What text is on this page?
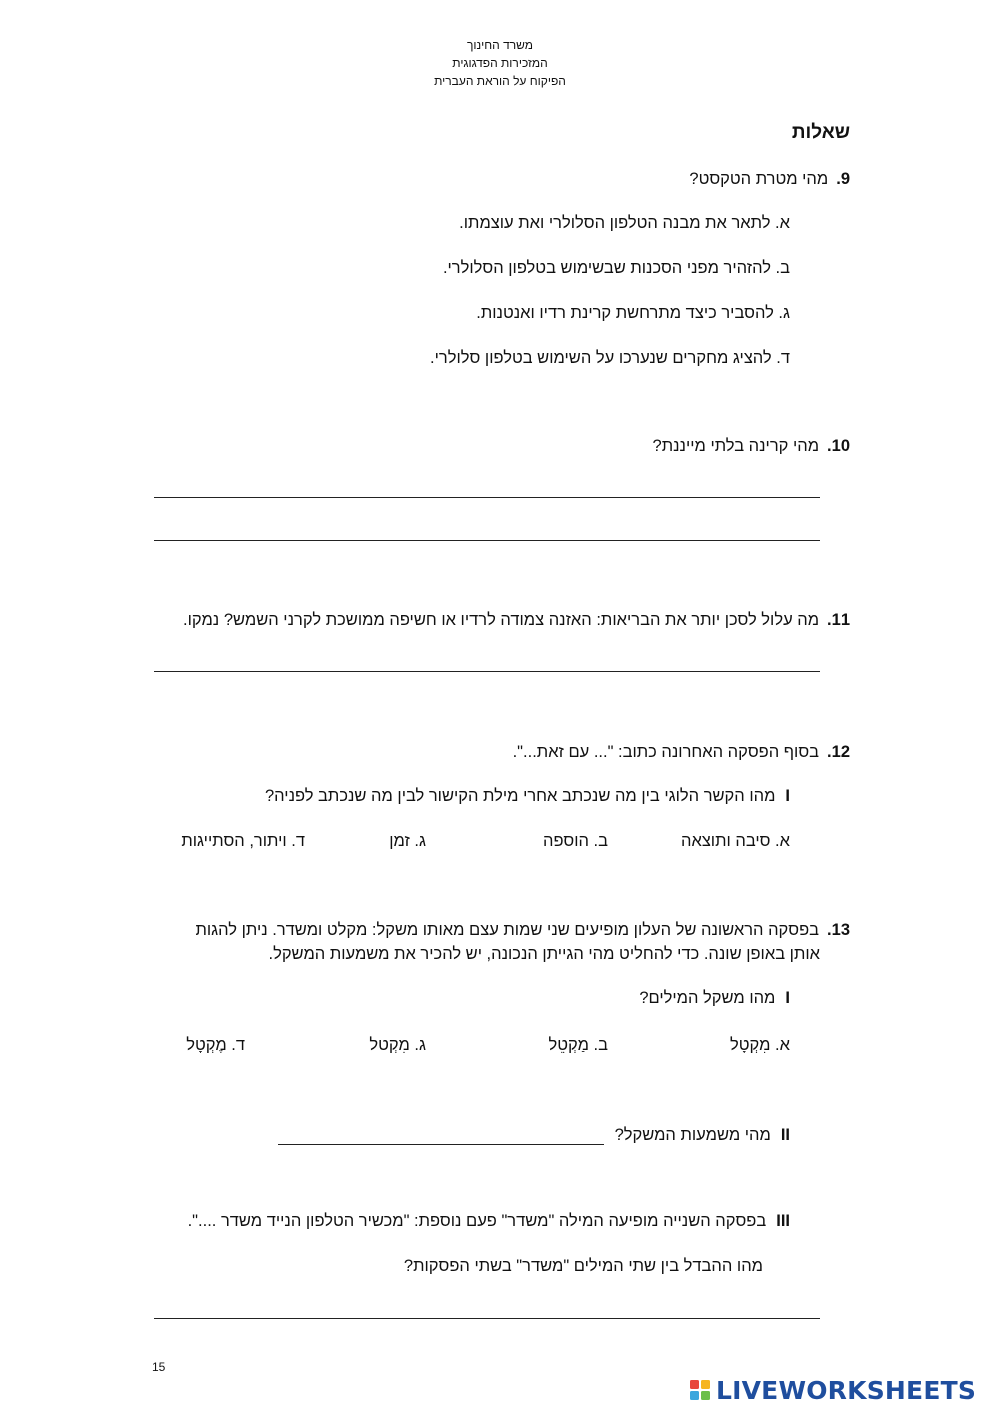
משרד החינוך
המזכירות הפדגוגית
הפיקוח על הוראת העברית
שאלות
9.מהי מטרת הטקסט?
א. לתאר את מבנה הטלפון הסלולרי ואת עוצמתו.
ב. להזהיר מפני הסכנות שבשימוש בטלפון הסלולרי.
ג. להסביר כיצד מתרחשת קרינת רדיו ואנטנות.
ד. להציג מחקרים שנערכו על השימוש בטלפון סלולרי.
10.מהי קרינה בלתי מייננת?
11.מה עלול לסכן יותר את הבריאות: האזנה צמודה לרדיו או חשיפה ממושכת לקרני השמש? נמקו.
12.בסוף הפסקה האחרונה כתוב: "... עם זאת...".
Iמהו הקשר הלוגי בין מה שנכתב אחרי מילת הקישור לבין מה שנכתב לפניה?
א. סיבה ותוצאה
ב. הוספה
ג. זמן
ד. ויתור, הסתייגות
13.בפסקה הראשונה של העלון מופיעים שני שמות עצם מאותו משקל: מקלט ומשדר. ניתן להגות
אותן באופן שונה. כדי להחליט מהי הגייתן הנכונה, יש להכיר את משמעות המשקל.
Iמהו משקל המילים?
א. מִקְטָל
ב. מַקְטֵל
ג. מִקְטל
ד. מֶקְטָל
IIמהי משמעות המשקל?
IIIבפסקה השנייה מופיעה המילה "משדר" פעם נוספת: "מכשיר הטלפון הנייד משדר ....".
מהו ההבדל בין שתי המילים "משדר" בשתי הפסקות?
15
LIVEWORKSHEETS
